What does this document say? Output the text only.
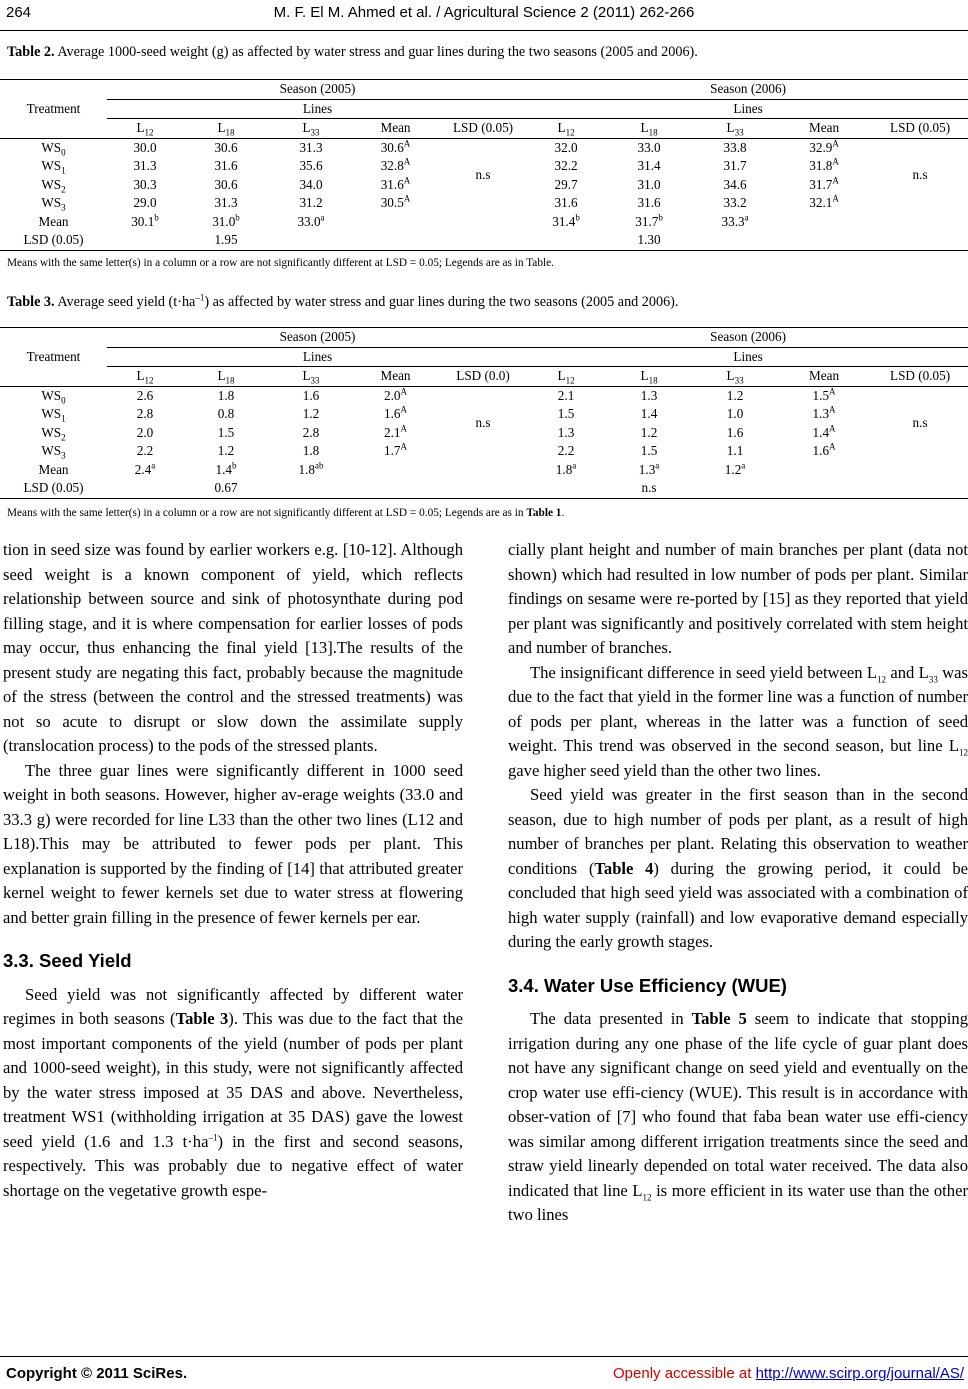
264	M. F. El M. Ahmed et al. / Agricultural Science 2 (2011) 262-266
Table 2. Average 1000-seed weight (g) as affected by water stress and guar lines during the two seasons (2005 and 2006).
Treatment	Season (2005)					Season (2006)				
	Lines					Lines				
	$L_{12}$	$L_{18}$	$L_{33}$	Mean	LSD (0.05)	$L_{12}$	$L_{18}$	$L_{33}$	Mean	LSD (0.05)
$WS_0$	30.0	30.6	31.3	$30.6^A$	n.s	32.0	33.0	33.8	$32.9^A$	n.s
$WS_1$	31.3	31.6	35.6	$32.8^A$		32.2	31.4	31.7	$31.8^A$
$WS_2$	30.3	30.6	34.0	$31.6^A$		29.7	31.0	34.6	$31.7^A$
$WS_3$	29.0	31.3	31.2	$30.5^A$		31.6	31.6	33.2	$32.1^A$
Mean	30.1$^b$	31.0$^b$	33.0$^a$			31.4$^b$	31.7$^b$	33.3$^a$		
LSD (0.05)		1.95					1.30			
Means with the same letter(s) in a column or a row are not significantly different at LSD = 0.05; Legends are as in Table.
Table 3. Average seed yield $(t\cdot ha^{-1})$ as affected by water stress and guar lines during the two seasons (2005 and 2006).
Treatment	Season (2005)					Season (2006)				
	Lines					Lines				
	$L_{12}$	$L_{18}$	$L_{33}$	Mean	LSD (0.0)	$L_{12}$	$L_{18}$	$L_{33}$	Mean	LSD (0.05)
$WS_0$	2.6	1.8	1.6	$2.0^A$	n.s	2.1	1.3	1.2	$1.5^A$	n.s
$WS_1$	2.8	0.8	1.2	$1.6^A$		1.5	1.4	1.0	$1.3^A$
$WS_2$	2.0	1.5	2.8	$2.1^A$		1.3	1.2	1.6	$1.4^A$
$WS_3$	2.2	1.2	1.8	$1.7^A$		2.2	1.5	1.1	$1.6^A$
Mean	2.4$^a$	1.4$^b$	1.8$^{ab}$			1.8$^a$	1.3$^a$	1.2$^a$		
LSD (0.05)		0.67					n.s			
Means with the same letter(s) in a column or a row are not significantly different at LSD = 0.05; Legends are as in Table 1.

tion in seed size was found by earlier workers e.g. [10-12]. Although seed weight is a known component of yield, which reflects relationship between source and sink of photosynthate during pod filling stage, and it is where compensation for earlier losses of pods may occur, thus enhancing the final yield [13].The results of the present study are negating this fact, probably because the magnitude of the stress (between the control and the stressed treatments) was not so acute to disrupt or slow down the assimilate supply (translocation process) to the pods of the stressed plants.

The three guar lines were significantly different in 1000 seed weight in both seasons. However, higher av-erage weights (33.0 and 33.3 g) were recorded for line L33 than the other two lines (L12 and L18).This may be attributed to fewer pods per plant. This explanation is supported by the finding of [14] that attributed greater kernel weight to fewer kernels set due to water stress at flowering and better grain filling in the presence of fewer kernels per ear.

3.3. Seed Yield

Seed yield was not significantly affected by different water regimes in both seasons (Table 3). This was due to the fact that the most important components of the yield (number of pods per plant and 1000-seed weight), in this study, were not significantly affected by the water stress imposed at 35 DAS and above. Nevertheless, treatment WS1 (withholding irrigation at 35 DAS) gave the lowest seed yield (1.6 and 1.3 $t\cdot ha^{-1}$) in the first and second seasons, respectively. This was probably due to negative effect of water shortage on the vegetative growth espe-

cially plant height and number of main branches per plant (data not shown) which had resulted in low number of pods per plant. Similar findings on sesame were re-ported by [15] as they reported that yield per plant was significantly and positively correlated with stem height and number of branches.

The insignificant difference in seed yield between $L_{12}$ and $L_{33}$ was due to the fact that yield in the former line was a function of number of pods per plant, whereas in the latter was a function of seed weight. This trend was observed in the second season, but line $L_{12}$ gave higher seed yield than the other two lines.

Seed yield was greater in the first season than in the second season, due to high number of pods per plant, as a result of high number of branches per plant. Relating this observation to weather conditions (Table 4) during the growing period, it could be concluded that high seed yield was associated with a combination of high water supply (rainfall) and low evaporative demand especially during the early growth stages.

3.4. Water Use Efficiency (WUE)

The data presented in Table 5 seem to indicate that stopping irrigation during any one phase of the life cycle of guar plant does not have any significant change on seed yield and eventually on the crop water use effi-ciency (WUE). This result is in accordance with obser-vation of [7] who found that faba bean water use effi-ciency was similar among different irrigation treatments since the seed and straw yield linearly depended on total water received. The data also indicated that line $L_{12}$ is more efficient in its water use than the other two lines

Copyright © 2011 SciRes.	Openly accessible at http://www.scirp.org/journal/AS/
